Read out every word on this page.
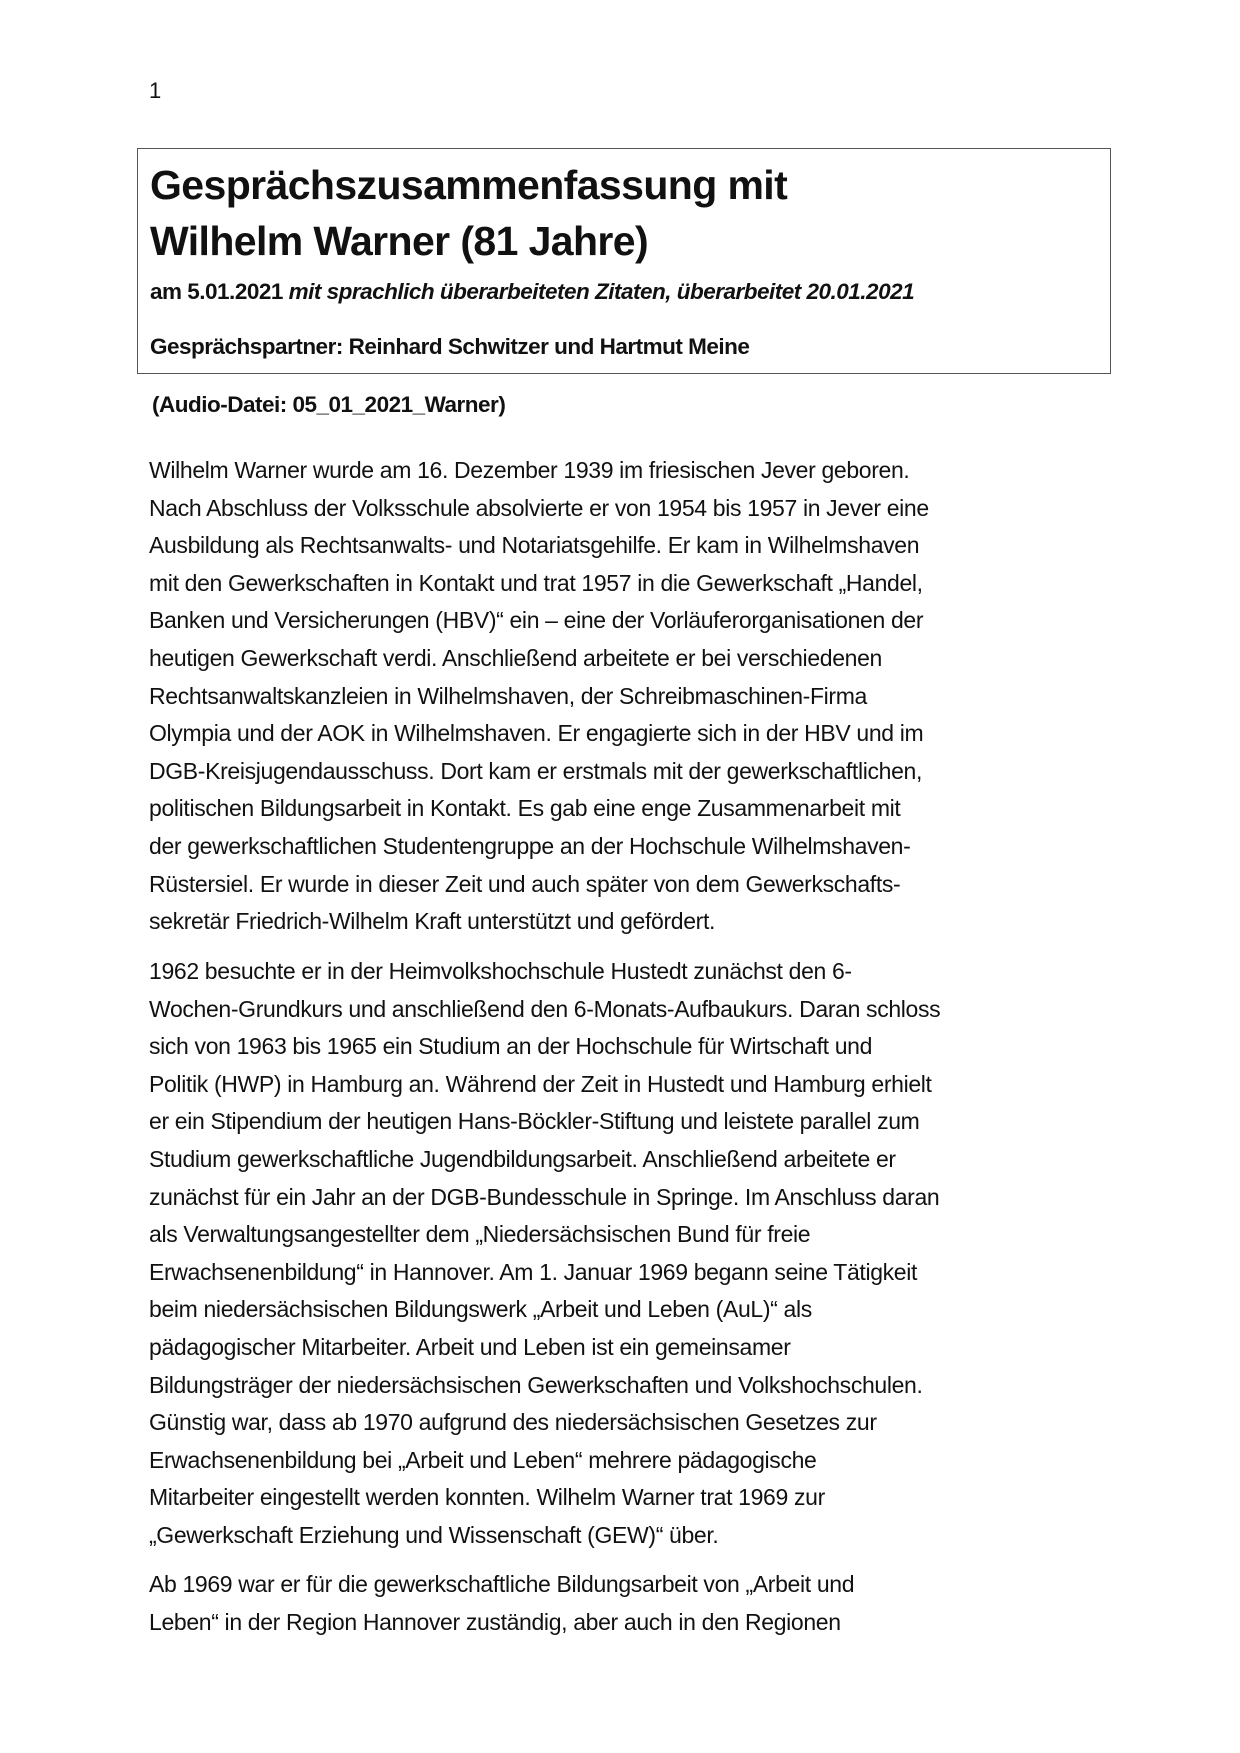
1
Gesprächszusammenfassung mit
Wilhelm Warner (81 Jahre)
am 5.01.2021 mit sprachlich überarbeiteten Zitaten, überarbeitet 20.01.2021
Gesprächspartner: Reinhard Schwitzer und Hartmut Meine
(Audio-Datei: 05_01_2021_Warner)
Wilhelm Warner wurde am 16. Dezember 1939 im friesischen Jever geboren.
Nach Abschluss der Volksschule absolvierte er von 1954 bis 1957 in Jever eine
Ausbildung als Rechtsanwalts- und Notariatsgehilfe. Er kam in Wilhelmshaven
mit den Gewerkschaften in Kontakt und trat 1957 in die Gewerkschaft „Handel,
Banken und Versicherungen (HBV)“ ein – eine der Vorläuferorganisationen der
heutigen Gewerkschaft verdi. Anschließend arbeitete er bei verschiedenen
Rechtsanwaltskanzleien in Wilhelmshaven, der Schreibmaschinen-Firma
Olympia und der AOK in Wilhelmshaven. Er engagierte sich in der HBV und im
DGB-Kreisjugendausschuss. Dort kam er erstmals mit der gewerkschaftlichen,
politischen Bildungsarbeit in Kontakt. Es gab eine enge Zusammenarbeit mit
der gewerkschaftlichen Studentengruppe an der Hochschule Wilhelmshaven-
Rüstersiel. Er wurde in dieser Zeit und auch später von dem Gewerkschafts-
sekretär Friedrich-Wilhelm Kraft unterstützt und gefördert.
1962 besuchte er in der Heimvolkshochschule Hustedt zunächst den 6-
Wochen-Grundkurs und anschließend den 6-Monats-Aufbaukurs. Daran schloss
sich von 1963 bis 1965 ein Studium an der Hochschule für Wirtschaft und
Politik (HWP) in Hamburg an. Während der Zeit in Hustedt und Hamburg erhielt
er ein Stipendium der heutigen Hans-Böckler-Stiftung und leistete parallel zum
Studium gewerkschaftliche Jugendbildungsarbeit. Anschließend arbeitete er
zunächst für ein Jahr an der DGB-Bundesschule in Springe. Im Anschluss daran
als Verwaltungsangestellter dem „Niedersächsischen Bund für freie
Erwachsenenbildung“ in Hannover. Am 1. Januar 1969 begann seine Tätigkeit
beim niedersächsischen Bildungswerk „Arbeit und Leben (AuL)“ als
pädagogischer Mitarbeiter. Arbeit und Leben ist ein gemeinsamer
Bildungsträger der niedersächsischen Gewerkschaften und Volkshochschulen.
Günstig war, dass ab 1970 aufgrund des niedersächsischen Gesetzes zur
Erwachsenenbildung bei „Arbeit und Leben“ mehrere pädagogische
Mitarbeiter eingestellt werden konnten. Wilhelm Warner trat 1969 zur
„Gewerkschaft Erziehung und Wissenschaft (GEW)“ über.
Ab 1969 war er für die gewerkschaftliche Bildungsarbeit von „Arbeit und
Leben“ in der Region Hannover zuständig, aber auch in den Regionen
